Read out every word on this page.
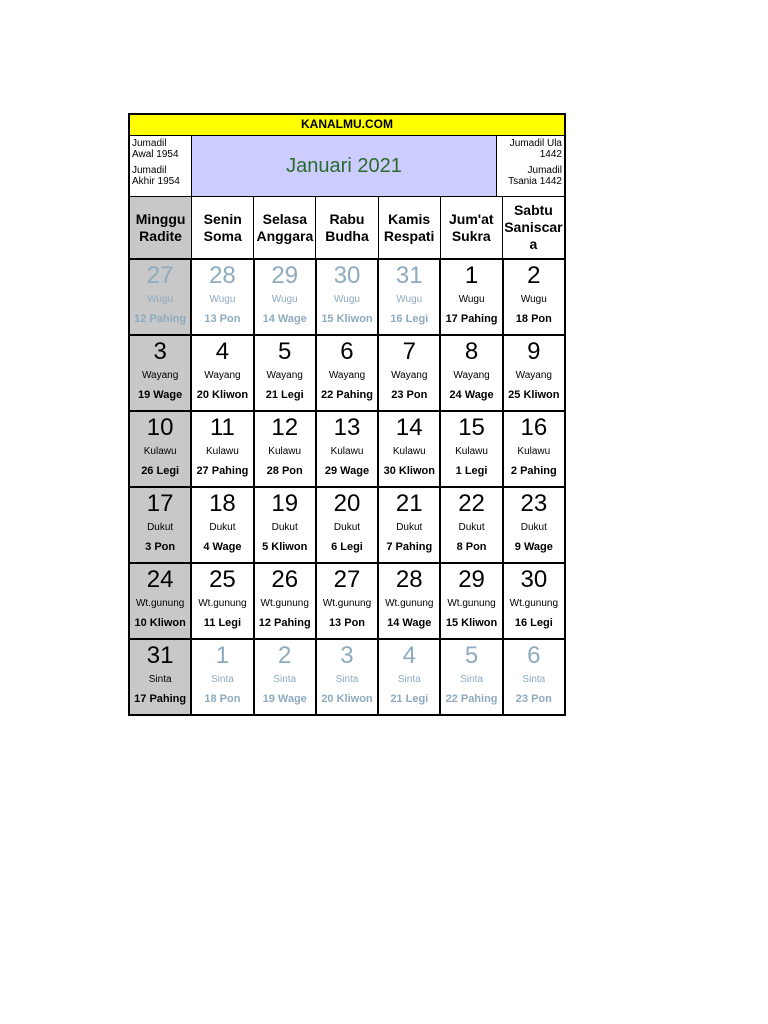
KANALMU.COM
Jumadil Awal 1954
Jumadil Akhir 1954
Januari 2021
Jumadil Ula 1442
Jumadil Tsania 1442
Minggu
Radite
Senin
Soma
Selasa
Anggara
Rabu
Budha
Kamis
Respati
Jum'at
Sukra
Sabtu
Saniscar a
27
Wugu
12 Pahing
28
Wugu
13 Pon
29
Wugu
14 Wage
30
Wugu
15 Kliwon
31
Wugu
16 Legi
1
Wugu
17 Pahing
2
Wugu
18 Pon
3
Wayang
19 Wage
4
Wayang
20 Kliwon
5
Wayang
21 Legi
6
Wayang
22 Pahing
7
Wayang
23 Pon
8
Wayang
24 Wage
9
Wayang
25 Kliwon
10
Kulawu
26 Legi
11
Kulawu
27 Pahing
12
Kulawu
28 Pon
13
Kulawu
29 Wage
14
Kulawu
30 Kliwon
15
Kulawu
1 Legi
16
Kulawu
2 Pahing
17
Dukut
3 Pon
18
Dukut
4 Wage
19
Dukut
5 Kliwon
20
Dukut
6 Legi
21
Dukut
7 Pahing
22
Dukut
8 Pon
23
Dukut
9 Wage
24
Wt.gunung
10 Kliwon
25
Wt.gunung
11 Legi
26
Wt.gunung
12 Pahing
27
Wt.gunung
13 Pon
28
Wt.gunung
14 Wage
29
Wt.gunung
15 Kliwon
30
Wt.gunung
16 Legi
31
Sinta
17 Pahing
1
Sinta
18 Pon
2
Sinta
19 Wage
3
Sinta
20 Kliwon
4
Sinta
21 Legi
5
Sinta
22 Pahing
6
Sinta
23 Pon
